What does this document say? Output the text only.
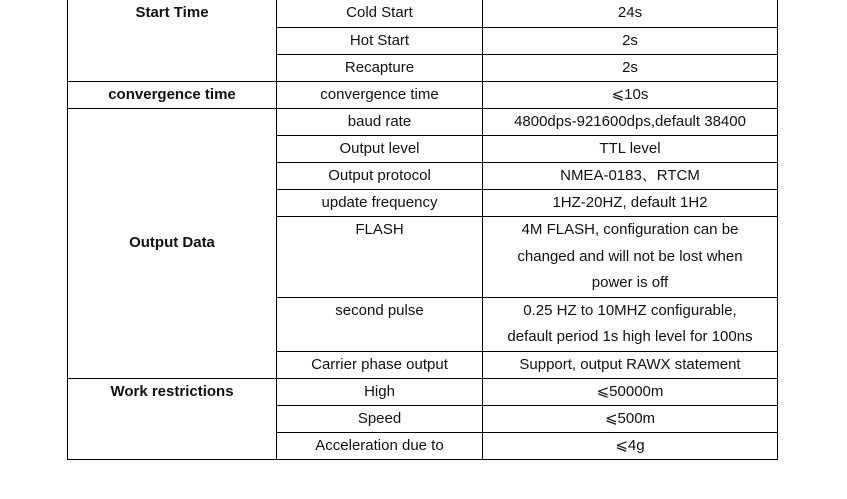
Start Time	Cold Start	24s
	Hot Start	2s
	Recapture	2s
convergence time	convergence time	⩽10s
Output Data	baud rate	4800dps-921600dps,default 38400
	Output level	TTL level
	Output protocol	NMEA-0183、RTCM
	update frequency	1HZ-20HZ, default 1H2
	FLASH	4M FLASH, configuration can be
changed and will not be lost when
power is off

	second pulse	0.25 HZ to 10MHZ configurable,
default period 1s high level for 100ns

	Carrier phase output	Support, output RAWX statement
Work restrictions	High	⩽50000m
	Speed	⩽500m
	Acceleration due to	⩽4g
